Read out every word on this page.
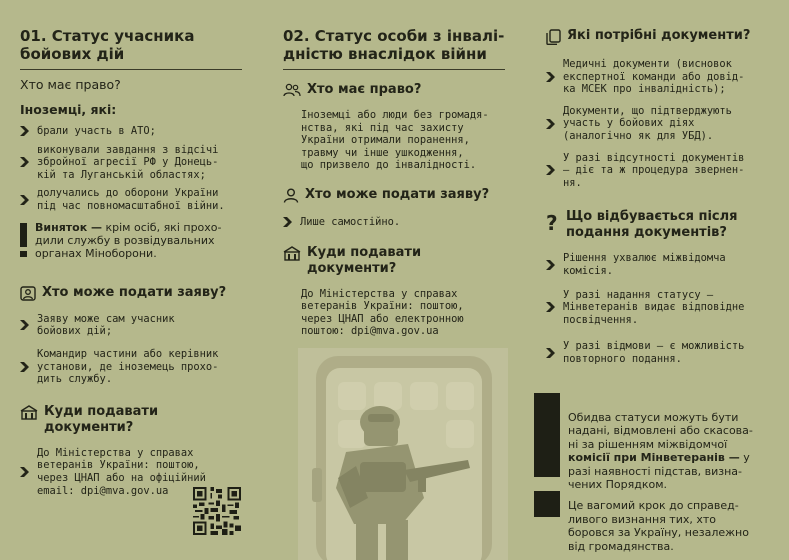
01. Статус учасника
бойових дій

Хто має право?

Іноземці, які:

брали участь в АТО;
виконували завдання з відсічі
збройної агресії РФ у Донець-
кій та Луганській областях;
долучались до оборони України
під час повномасштабної війни.
Виняток — крім осіб, які прохо-
дили службу в розвідувальних
органах Міноборони.
Хто може подати заяву?
Заяву може сам учасник
бойових дій;
Командир частини або керівник
установи, де іноземець прохо-
дить службу.
Куди подавати документи?
До Міністерства у справах
ветеранів України: поштою,
через ЦНАП або на офіційний
email: dpi@mva.gov.ua
02. Статус особи з інвалі-
дністю внаслідок війни
Хто має право?
Іноземці або люди без громадя-
нства, які під час захисту
України отримали поранення,
травму чи інше ушкодження,
що призвело до інвалідності.
Хто може подати заяву?
Лише самостійно.
Куди подавати документи?
До Міністерства у справах
ветеранів України: поштою,
через ЦНАП або електронною
поштою: dpi@mva.gov.ua
Які потрібні документи?
Медичні документи (висновок
експертної команди або довід-
ка МСЕК про інвалідність);
Документи, що підтверджують
участь у бойових діях
(аналогічно як для УБД).
У разі відсутності документів
— діє та ж процедура звернен-
ня.
? Що відбувається після
подання документів?
Рішення ухвалює міжвідомча
комісія.
У разі надання статусу —
Мінветеранів видає відповідне
посвідчення.
У разі відмови — є можливість
повторного подання.
Обидва статуси можуть бути
надані, відмовлені або скасова-
ні за рішенням міжвідомчої
комісії при Мінветеранів — у
разі наявності підстав, визна-
чених Порядком.
Це вагомий крок до справед-
ливого визнання тих, хто
боровся за Україну, незалежно
від громадянства.
